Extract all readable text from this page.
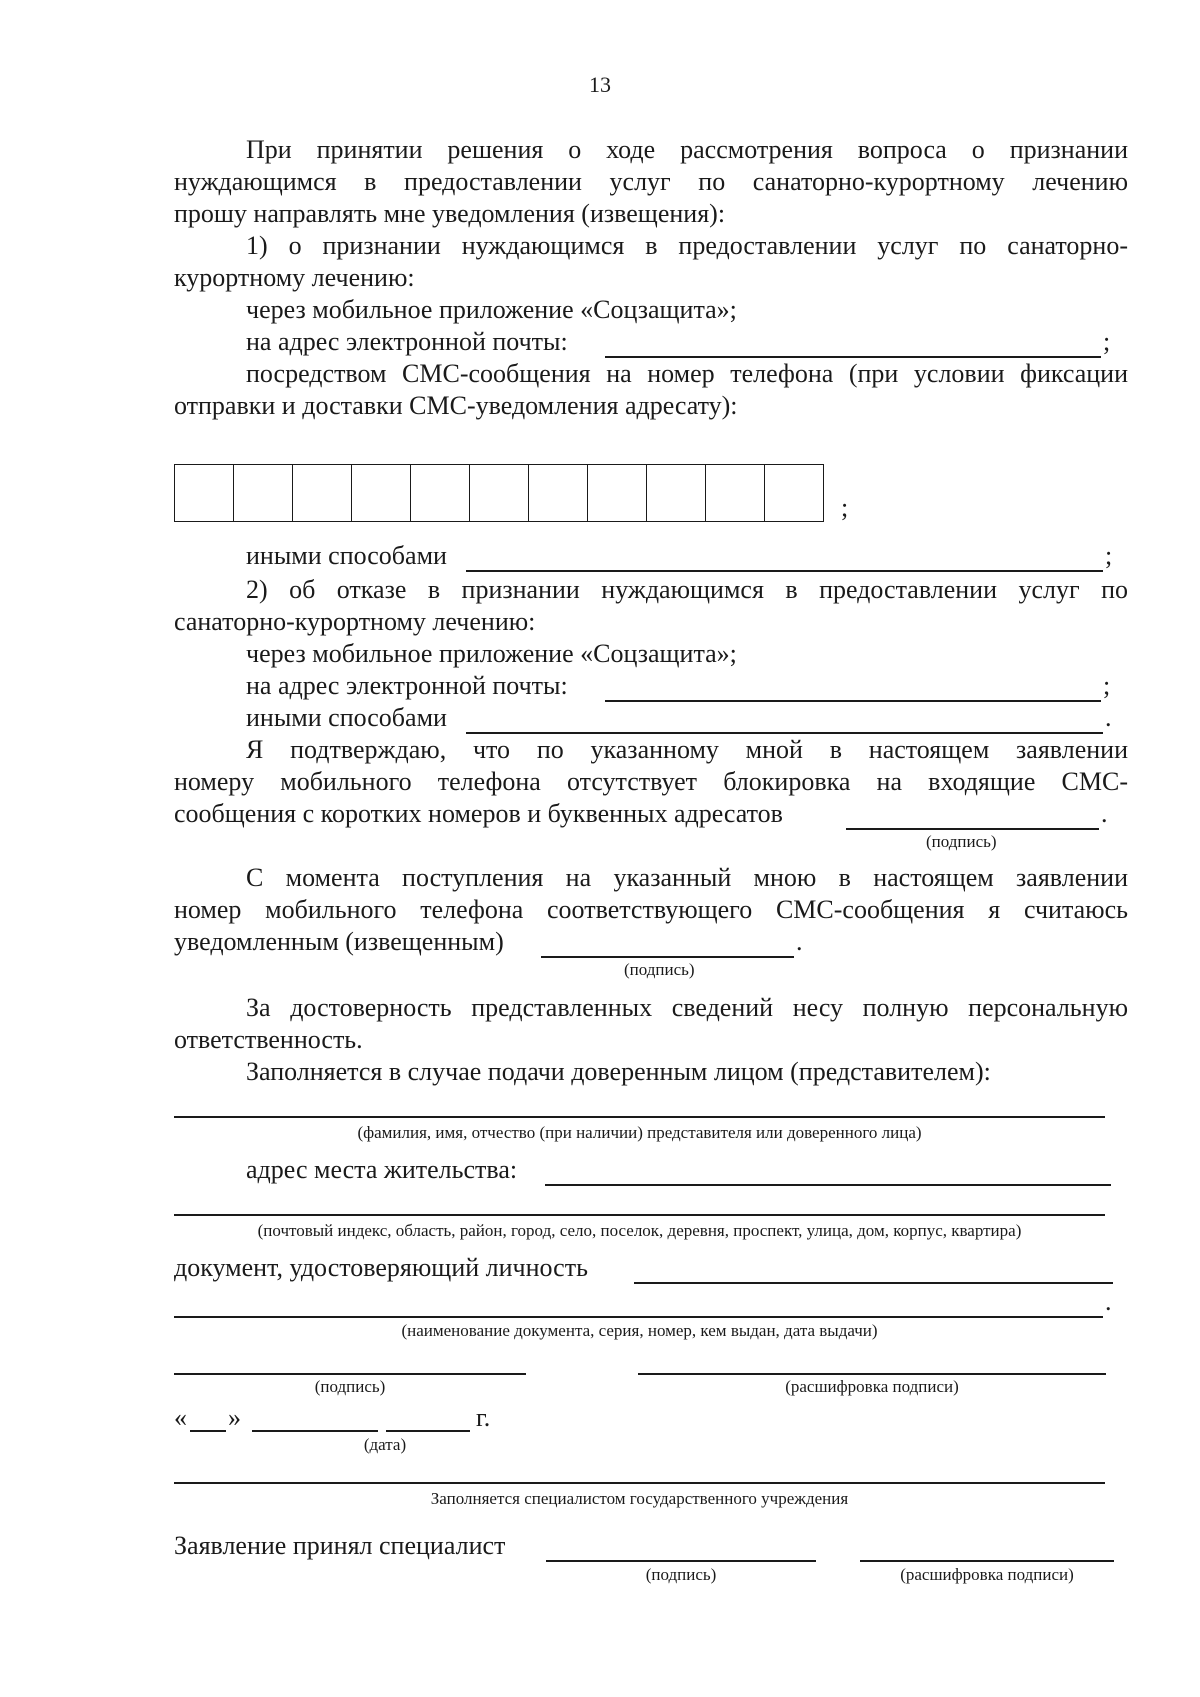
13
При принятии решения о ходе рассмотрения вопроса о признании
нуждающимся в предоставлении услуг по санаторно-курортному лечению
прошу направлять мне уведомления (извещения):
1) о признании нуждающимся в предоставлении услуг по санаторно-
курортному лечению:
через мобильное приложение «Соцзащита»;
на адрес электронной почты:	;
посредством СМС-сообщения на номер телефона (при условии фиксации
отправки и доставки СМС-уведомления адресату):
;
иными способами	;
2) об отказе в признании нуждающимся в предоставлении услуг по
санаторно-курортному лечению:
через мобильное приложение «Соцзащита»;
на адрес электронной почты:	;
иными способами	.
Я подтверждаю, что по указанному мной в настоящем заявлении
номеру мобильного телефона отсутствует блокировка на входящие СМС-
сообщения с коротких номеров и буквенных адресатов	.
(подпись)
С момента поступления на указанный мною в настоящем заявлении
номер мобильного телефона соответствующего СМС-сообщения я считаюсь
уведомленным (извещенным)	.
(подпись)
За достоверность представленных сведений несу полную персональную
ответственность.
Заполняется в случае подачи доверенным лицом (представителем):
(фамилия, имя, отчество (при наличии) представителя или доверенного лица)
адрес места жительства:
(почтовый индекс, область, район, город, село, поселок, деревня, проспект, улица, дом, корпус, квартира)
документ, удостоверяющий личность
.
(наименование документа, серия, номер, кем выдан, дата выдачи)
(подпись)	(расшифровка подписи)
« »	г.
(дата)
Заполняется специалистом государственного учреждения
Заявление принял специалист
(подпись)	(расшифровка подписи)
